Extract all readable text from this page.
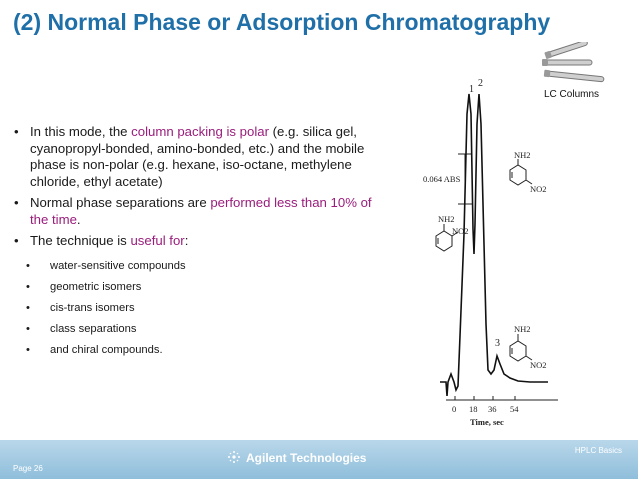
(2) Normal Phase or Adsorption Chromatography
LC Columns
• In this mode, the column packing is polar (e.g. silica gel, cyanopropyl-bonded, amino-bonded, etc.) and the mobile phase is non-polar (e.g. hexane, iso-octane, methylene chloride, ethyl acetate)
• Normal phase separations are performed less than 10% of the time.
• The technique is useful for:
• water-sensitive compounds
• geometric isomers
• cis-trans isomers
• class separations
• and chiral compounds.
1
2
3
0.064 ABS
0 18 36 54
Time, sec
NH2
NO2
NH2
NO2
NH2
NO2
Agilent Technologies
HPLC Basics
Page 26
